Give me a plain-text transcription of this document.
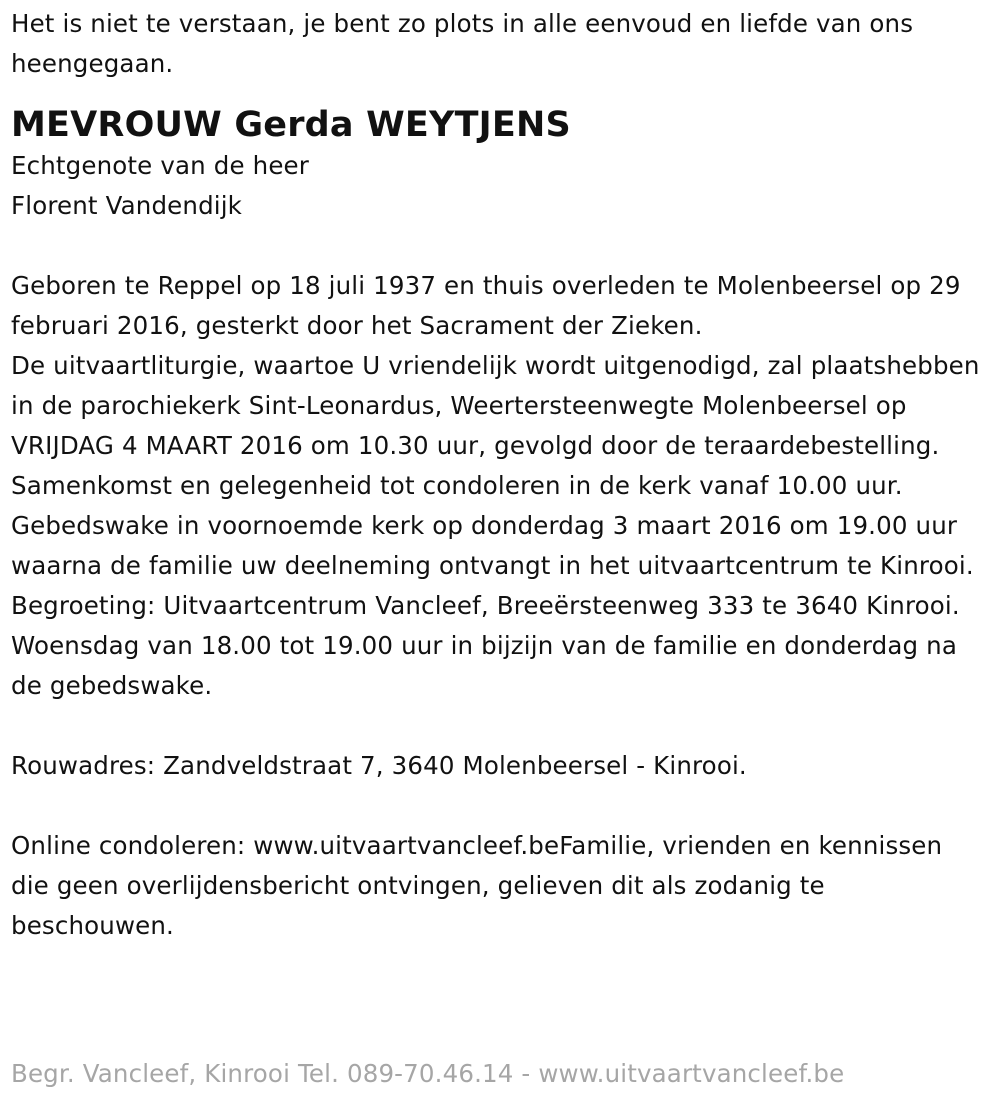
Het is niet te verstaan, je bent zo plots in alle eenvoud en liefde van ons heengegaan.

MEVROUW Gerda WEYTJENS

Echtgenote van de heer

Florent Vandendijk

Geboren te Reppel op 18 juli 1937 en thuis overleden te Molenbeersel op 29 februari 2016, gesterkt door het Sacrament der Zieken.

De uitvaartliturgie, waartoe U vriendelijk wordt uitgenodigd, zal plaatshebben in de parochiekerk Sint-Leonardus, Weertersteenwegte Molenbeersel op VRIJDAG 4 MAART 2016 om 10.30 uur, gevolgd door de teraardebestelling.

Samenkomst en gelegenheid tot condoleren in de kerk vanaf 10.00 uur.

Gebedswake in voornoemde kerk op donderdag 3 maart 2016 om 19.00 uur waarna de familie uw deelneming ontvangt in het uitvaartcentrum te Kinrooi. Begroeting: Uitvaartcentrum Vancleef, Breeërsteenweg 333 te 3640 Kinrooi. Woensdag van 18.00 tot 19.00 uur in bijzijn van de familie en donderdag na de gebedswake.

Rouwadres: Zandveldstraat 7, 3640 Molenbeersel - Kinrooi.

Online condoleren: www.uitvaartvancleef.beFamilie, vrienden en kennissen die geen overlijdensbericht ontvingen, gelieven dit als zodanig te beschouwen.

Begr. Vancleef, Kinrooi Tel. 089-70.46.14 - www.uitvaartvancleef.be
